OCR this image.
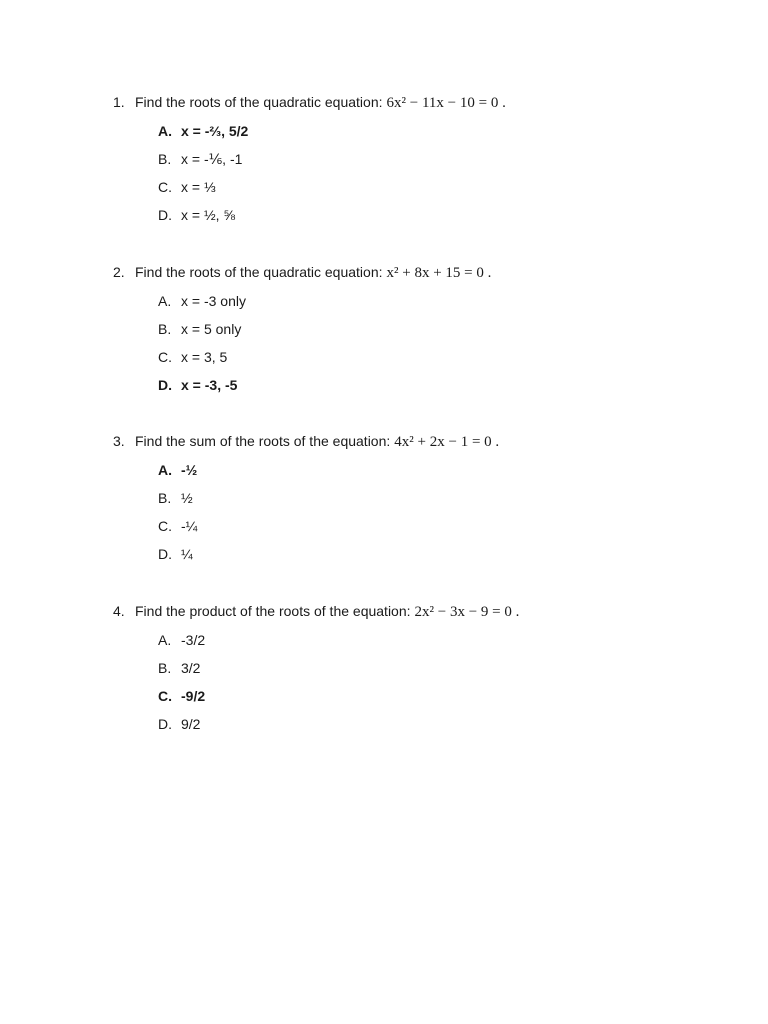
1. Find the roots of the quadratic equation: 6x² − 11x − 10 = 0 .
A. x = -⅔, 5/2
B. x = -⅙, -1
C. x = ⅓
D. x = ½, ⅝
2. Find the roots of the quadratic equation: x² + 8x + 15 = 0 .
A. x = -3 only
B. x = 5 only
C. x = 3, 5
D. x = -3, -5
3. Find the sum of the roots of the equation: 4x² + 2x − 1 = 0 .
A. -½
B. ½
C. -¼
D. ¼
4. Find the product of the roots of the equation: 2x² − 3x − 9 = 0 .
A. -3/2
B. 3/2
C. -9/2
D. 9/2
